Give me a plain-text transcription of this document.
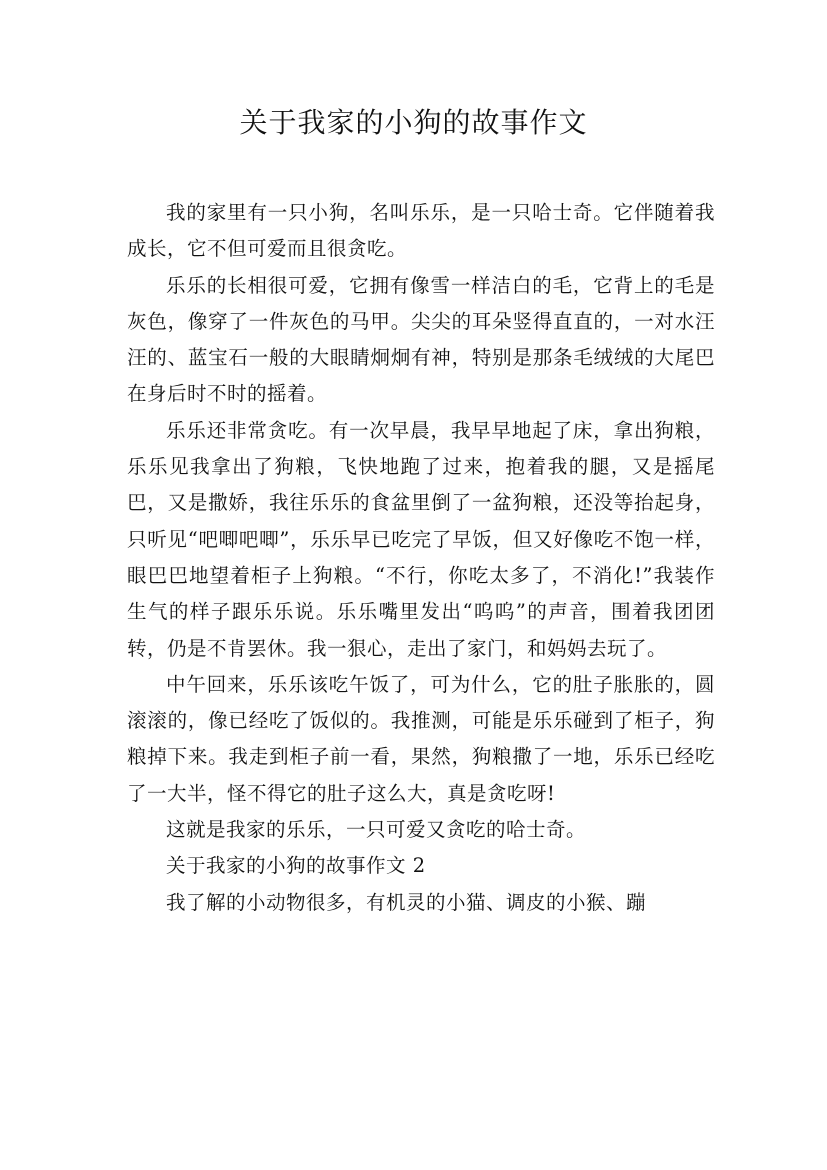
关于我家的小狗的故事作文

我的家里有一只小狗，名叫乐乐，是一只哈士奇。它伴随着我成长，它不但可爱而且很贪吃。

乐乐的长相很可爱，它拥有像雪一样洁白的毛，它背上的毛是灰色，像穿了一件灰色的马甲。尖尖的耳朵竖得直直的，一对水汪汪的、蓝宝石一般的大眼睛炯炯有神，特别是那条毛绒绒的大尾巴在身后时不时的摇着。

乐乐还非常贪吃。有一次早晨，我早早地起了床，拿出狗粮，乐乐见我拿出了狗粮，飞快地跑了过来，抱着我的腿，又是摇尾巴，又是撒娇，我往乐乐的食盆里倒了一盆狗粮，还没等抬起身，只听见“吧唧吧唧”，乐乐早已吃完了早饭，但又好像吃不饱一样，眼巴巴地望着柜子上狗粮。“不行，你吃太多了，不消化!”我装作生气的样子跟乐乐说。乐乐嘴里发出“呜呜”的声音，围着我团团转，仍是不肯罢休。我一狠心，走出了家门，和妈妈去玩了。

中午回来，乐乐该吃午饭了，可为什么，它的肚子胀胀的，圆滚滚的，像已经吃了饭似的。我推测，可能是乐乐碰到了柜子，狗粮掉下来。我走到柜子前一看，果然，狗粮撒了一地，乐乐已经吃了一大半，怪不得它的肚子这么大，真是贪吃呀!

这就是我家的乐乐，一只可爱又贪吃的哈士奇。

关于我家的小狗的故事作文 2

我了解的小动物很多，有机灵的小猫、调皮的小猴、蹦
